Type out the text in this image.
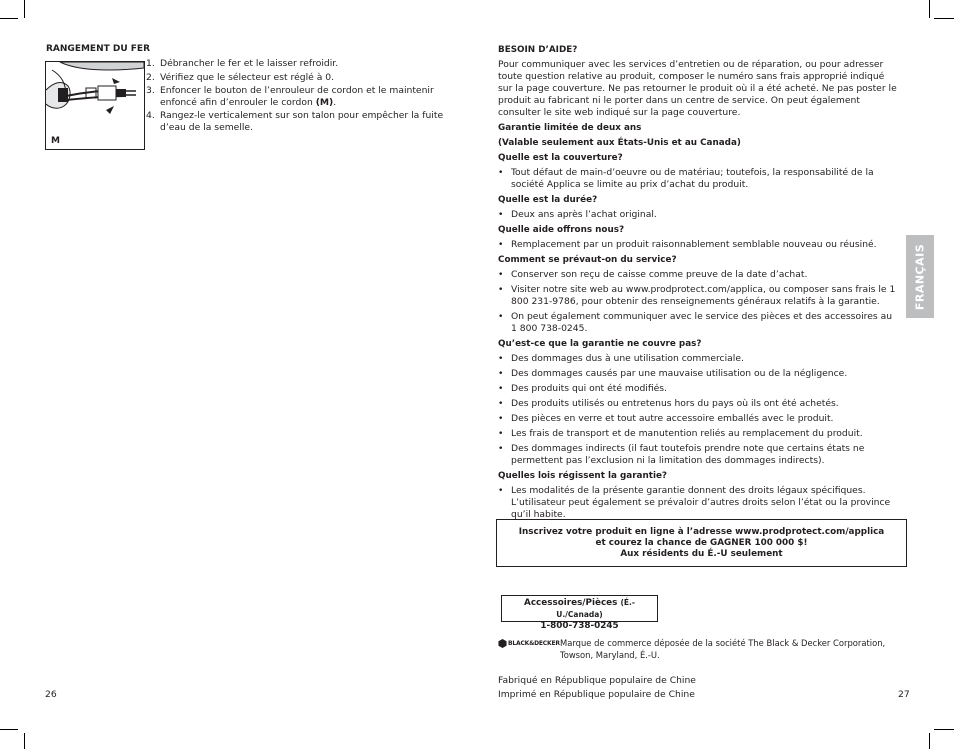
RANGEMENT DU FER
M
1. Débrancher le fer et le laisser refroidir.
2. Vérifiez que le sélecteur est réglé à 0.
3. Enfoncer le bouton de l’enrouleur de cordon et le maintenir enfoncé afin d’enrouler le cordon (M).
4. Rangez-le verticalement sur son talon pour empêcher la fuite d’eau de la semelle.
26

BESOIN D’AIDE?

Pour communiquer avec les services d’entretien ou de réparation, ou pour adresser toute question relative au produit, composer le numéro sans frais approprié indiqué sur la page couverture. Ne pas retourner le produit où il a été acheté. Ne pas poster le produit au fabricant ni le porter dans un centre de service. On peut également consulter le site web indiqué sur la page couverture.

Garantie limitée de deux ans

(Valable seulement aux États-Unis et au Canada)

Quelle est la couverture?

• Tout défaut de main-d’oeuvre ou de matériau; toutefois, la responsabilité de la société Applica se limite au prix d’achat du produit.

Quelle est la durée?

• Deux ans après l’achat original.

Quelle aide offrons nous?

• Remplacement par un produit raisonnablement semblable nouveau ou réusiné.

Comment se prévaut-on du service?

• Conserver son reçu de caisse comme preuve de la date d’achat.
• Visiter notre site web au www.prodprotect.com/applica, ou composer sans frais le 1 800 231-9786, pour obtenir des renseignements généraux relatifs à la garantie.
• On peut également communiquer avec le service des pièces et des accessoires au 1 800 738-0245.

Qu’est-ce que la garantie ne couvre pas?

• Des dommages dus à une utilisation commerciale.
• Des dommages causés par une mauvaise utilisation ou de la négligence.
• Des produits qui ont été modifiés.
• Des produits utilisés ou entretenus hors du pays où ils ont été achetés.
• Des pièces en verre et tout autre accessoire emballés avec le produit.
• Les frais de transport et de manutention reliés au remplacement du produit.
• Des dommages indirects (il faut toutefois prendre note que certains états ne permettent pas l’exclusion ni la limitation des dommages indirects).

Quelles lois régissent la garantie?

• Les modalités de la présente garantie donnent des droits légaux spécifiques. L’utilisateur peut également se prévaloir d’autres droits selon l’état ou la province qu’il habite.
Inscrivez votre produit en ligne à l’adresse www.prodprotect.com/applica
et courez la chance de GAGNER 100 000 $!
Aux résidents du É.-U seulement
Accessoires/Pièces (É.-U./Canada)
1-800-738-0245
BLACK&DECKER Marque de commerce déposée de la société The Black & Decker Corporation, Towson, Maryland, É.-U.
Fabriqué en République populaire de Chine
Imprimé en République populaire de Chine	27
FRANÇAIS
